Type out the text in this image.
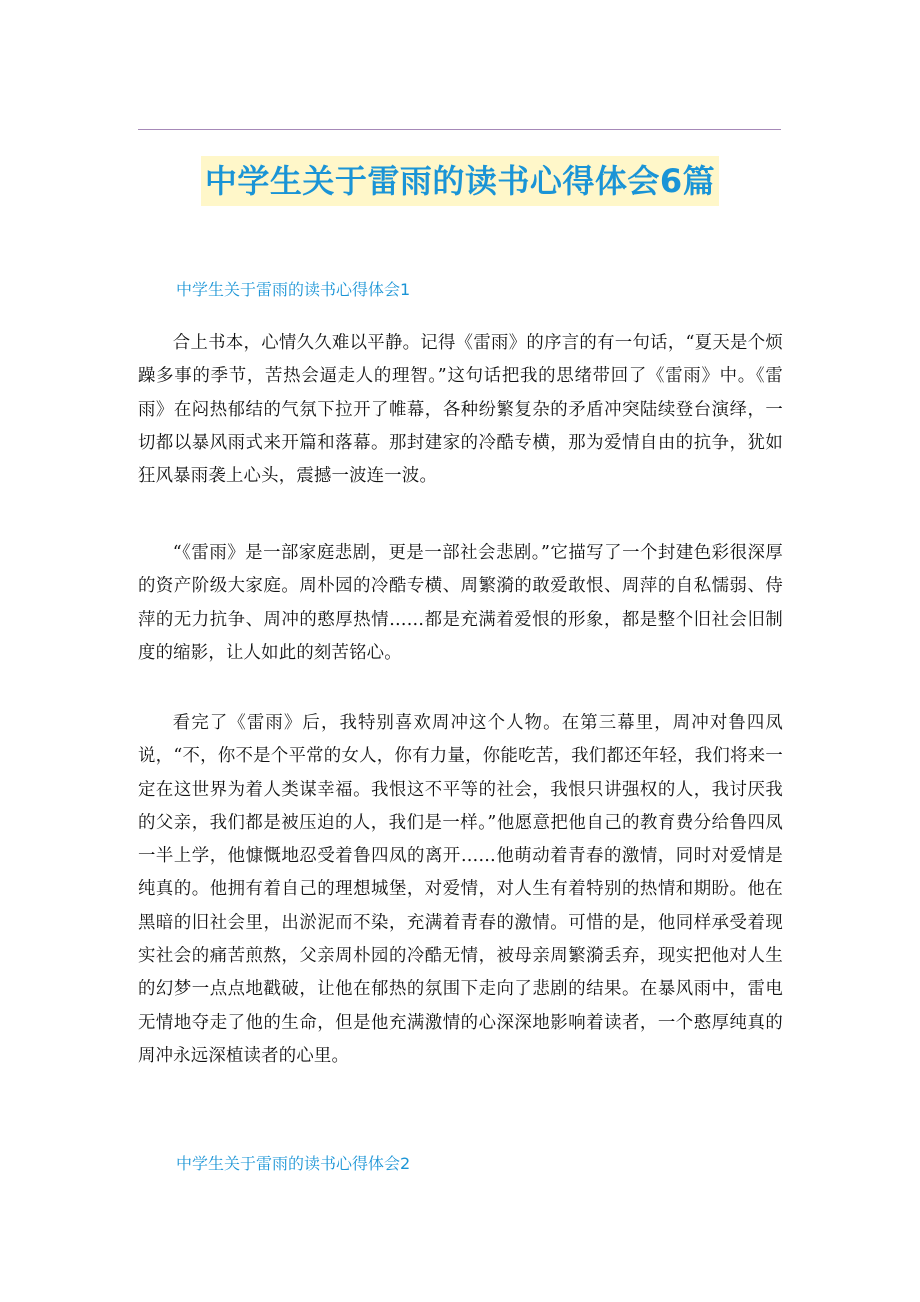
中学生关于雷雨的读书心得体会6篇
中学生关于雷雨的读书心得体会1

合上书本，心情久久难以平静。记得《雷雨》的序言的有一句话，“夏天是个烦躁多事的季节，苦热会逼走人的理智。”这句话把我的思绪带回了《雷雨》中。《雷雨》在闷热郁结的气氛下拉开了帷幕，各种纷繁复杂的矛盾冲突陆续登台演绎，一切都以暴风雨式来开篇和落幕。那封建家的冷酷专横，那为爱情自由的抗争，犹如狂风暴雨袭上心头，震撼一波连一波。

“《雷雨》是一部家庭悲剧，更是一部社会悲剧。”它描写了一个封建色彩很深厚的资产阶级大家庭。周朴园的冷酷专横、周繁漪的敢爱敢恨、周萍的自私懦弱、侍萍的无力抗争、周冲的憨厚热情……都是充满着爱恨的形象，都是整个旧社会旧制度的缩影，让人如此的刻苦铭心。

看完了《雷雨》后，我特别喜欢周冲这个人物。在第三幕里，周冲对鲁四凤说，“不，你不是个平常的女人，你有力量，你能吃苦，我们都还年轻，我们将来一定在这世界为着人类谋幸福。我恨这不平等的社会，我恨只讲强权的人，我讨厌我的父亲，我们都是被压迫的人，我们是一样。”他愿意把他自己的教育费分给鲁四凤一半上学，他慷慨地忍受着鲁四凤的离开……他萌动着青春的激情，同时对爱情是纯真的。他拥有着自己的理想城堡，对爱情，对人生有着特别的热情和期盼。他在黑暗的旧社会里，出淤泥而不染，充满着青春的激情。可惜的是，他同样承受着现实社会的痛苦煎熬，父亲周朴园的冷酷无情，被母亲周繁漪丢弃，现实把他对人生的幻梦一点点地戳破，让他在郁热的氛围下走向了悲剧的结果。在暴风雨中，雷电无情地夺走了他的生命，但是他充满激情的心深深地影响着读者，一个憨厚纯真的周冲永远深植读者的心里。

中学生关于雷雨的读书心得体会2
